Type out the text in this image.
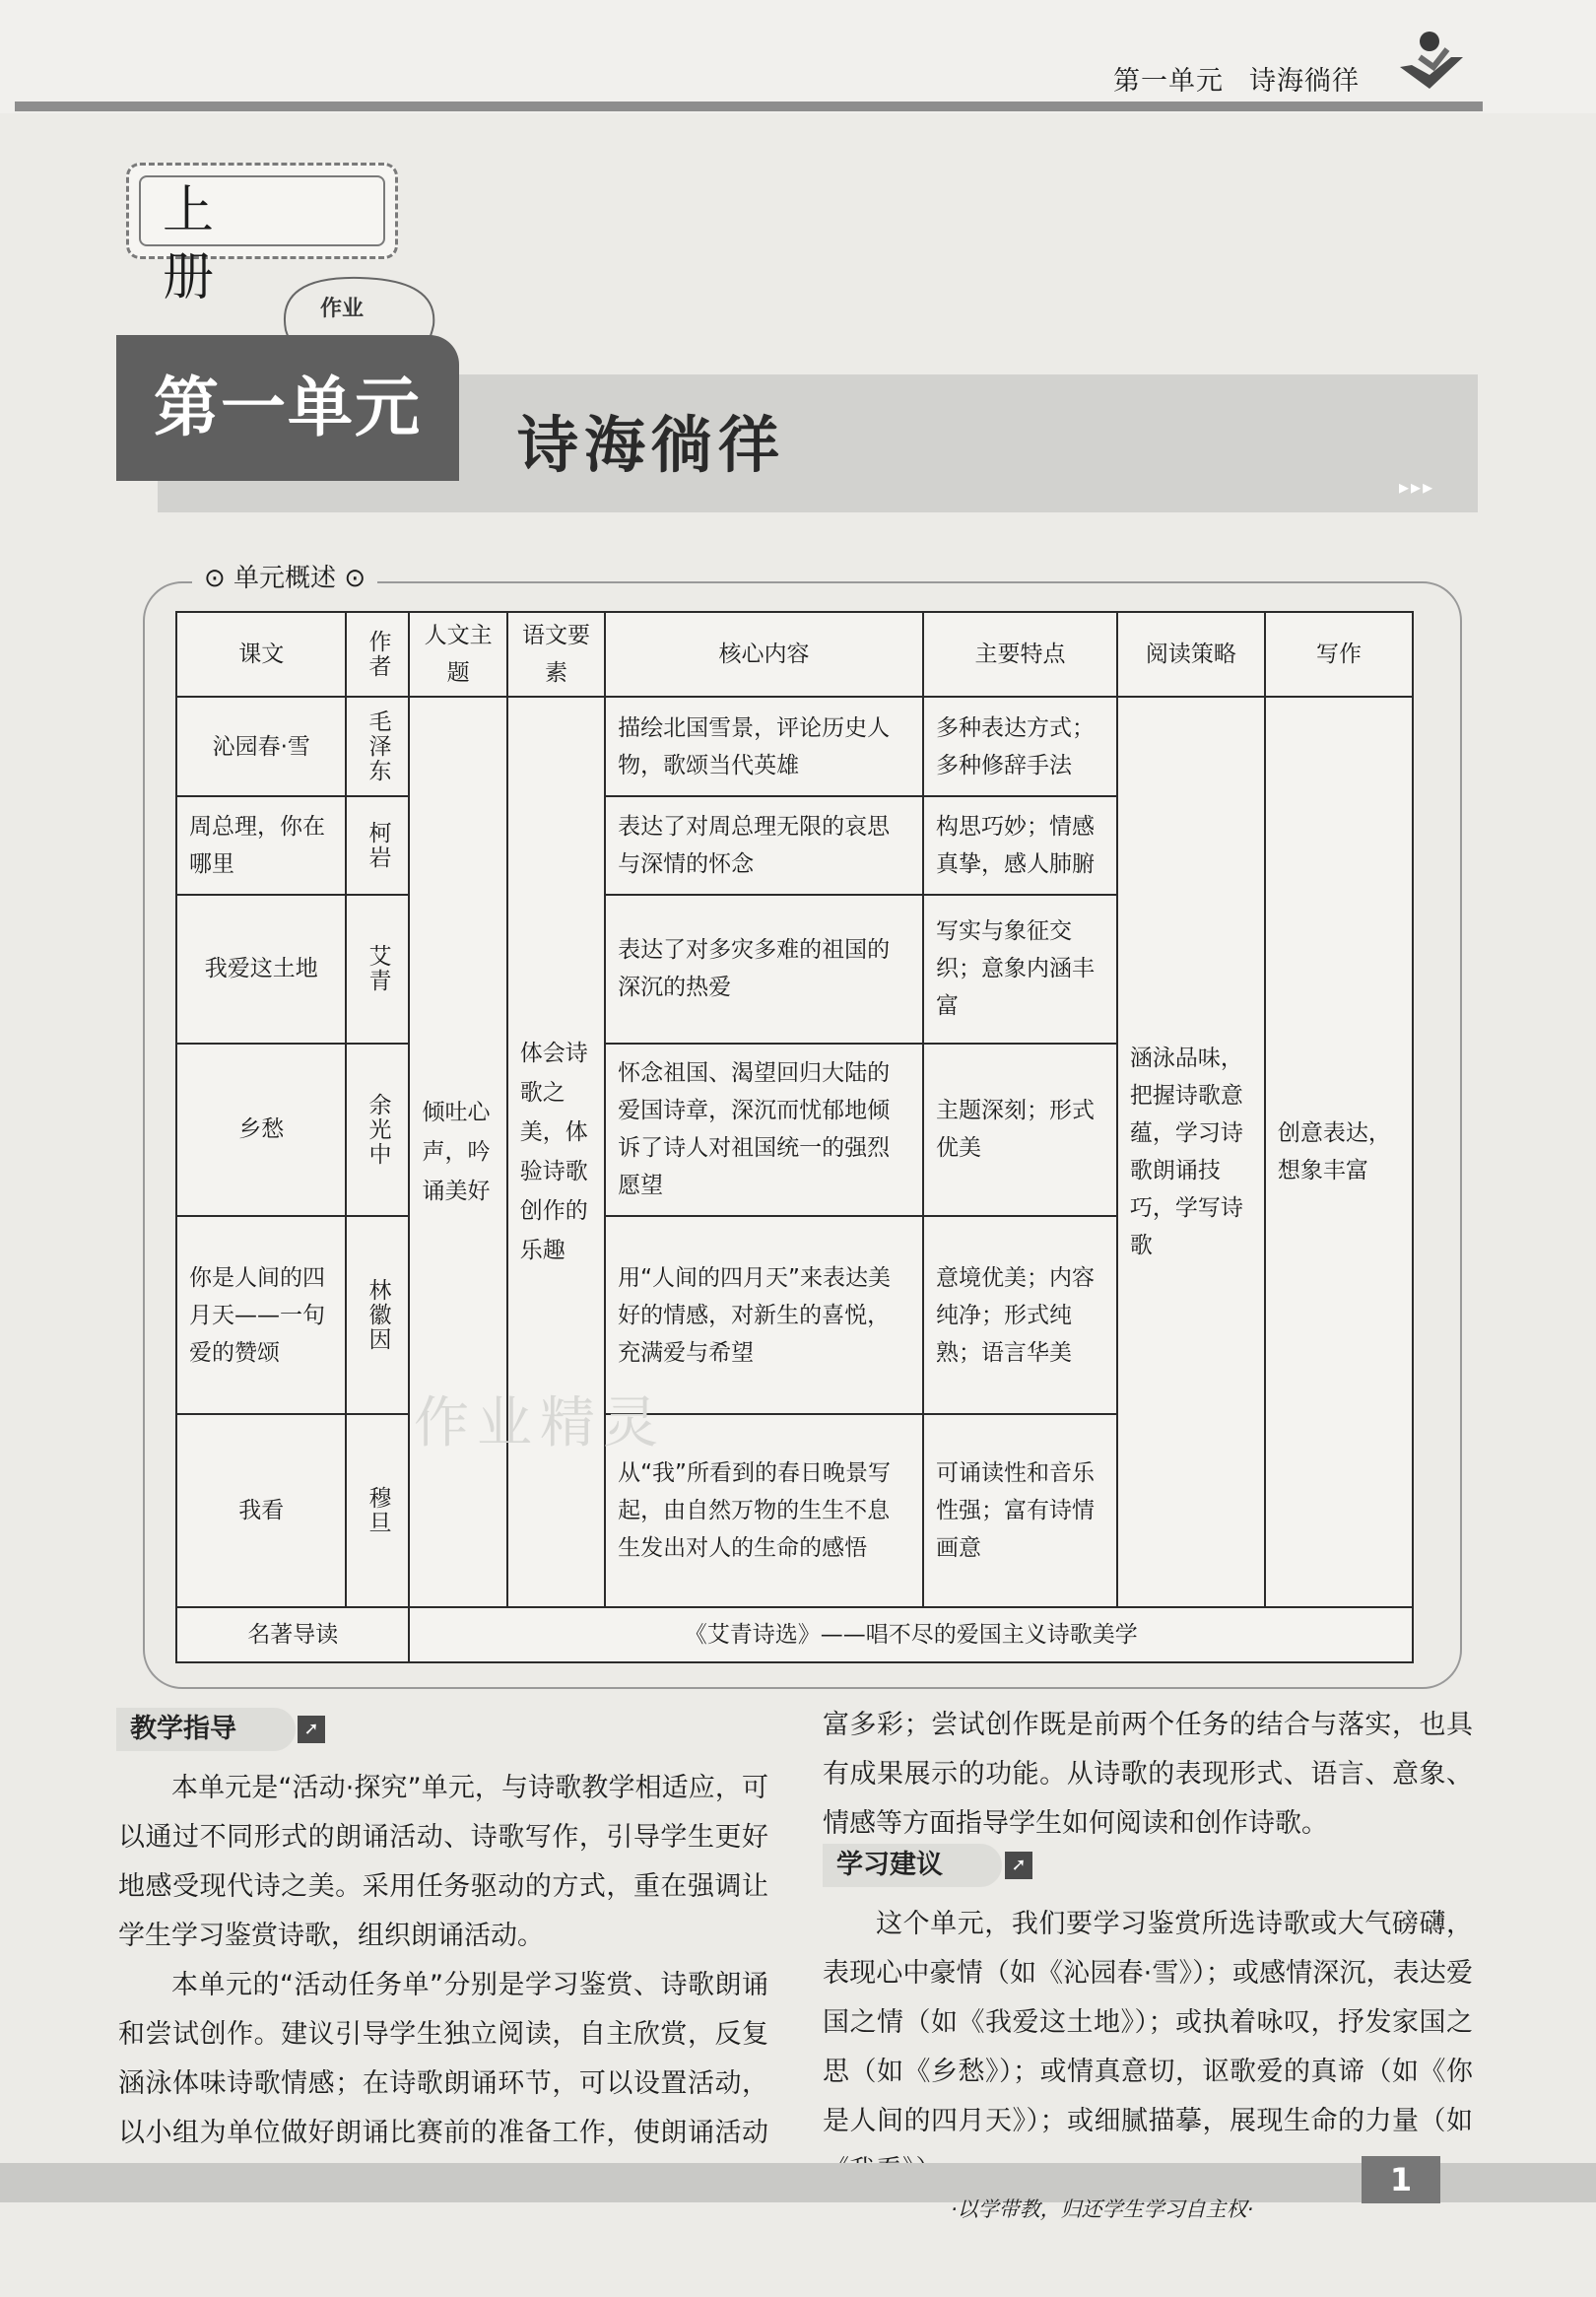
第一单元 诗海徜徉
上　册
作业
第一单元	诗海徜徉
▸▸▸
⊙ 单元概述 ⊙
课文	作者	人文主题	语文要素	核心内容	主要特点	阅读策略	写作
沁园春·雪	毛泽东	倾吐心声，吟诵美好	体会诗歌之美，体验诗歌创作的乐趣	描绘北国雪景，评论历史人物，歌颂当代英雄	多种表达方式；多种修辞手法	涵泳品味，把握诗歌意蕴，学习诗歌朗诵技巧，学写诗歌	创意表达，想象丰富
周总理，你在哪里	柯岩			表达了对周总理无限的哀思与深情的怀念	构思巧妙；情感真挚，感人肺腑		
我爱这土地	艾青			表达了对多灾多难的祖国的深沉的热爱	写实与象征交织；意象内涵丰富		
乡愁	余光中			怀念祖国、渴望回归大陆的爱国诗章，深沉而忧郁地倾诉了诗人对祖国统一的强烈愿望	主题深刻；形式优美		
你是人间的四月天——一句爱的赞颂	林徽因			用“人间的四月天”来表达美好的情感，对新生的喜悦，充满爱与希望	意境优美；内容纯净；形式纯熟；语言华美		
我看	穆旦			从“我”所看到的春日晚景写起，由自然万物的生生不息生发出对人的生命的感悟	可诵读性和音乐性强；富有诗情画意		
名著导读		《艾青诗选》——唱不尽的爱国主义诗歌美学					
作业精灵
教学指导	➚

本单元是“活动·探究”单元，与诗歌教学相适应，可以通过不同形式的朗诵活动、诗歌写作，引导学生更好地感受现代诗之美。采用任务驱动的方式，重在强调让学生学习鉴赏诗歌，组织朗诵活动。

本单元的“活动任务单”分别是学习鉴赏、诗歌朗诵和尝试创作。建议引导学生独立阅读，自主欣赏，反复涵泳体味诗歌情感；在诗歌朗诵环节，可以设置活动，以小组为单位做好朗诵比赛前的准备工作，使朗诵活动

富多彩；尝试创作既是前两个任务的结合与落实，也具有成果展示的功能。从诗歌的表现形式、语言、意象、情感等方面指导学生如何阅读和创作诗歌。

学习建议	➚

这个单元，我们要学习鉴赏所选诗歌或大气磅礴，表现心中豪情（如《沁园春·雪》）；或感情深沉，表达爱国之情（如《我爱这土地》）；或执着咏叹，抒发家国之思（如《乡愁》）；或情真意切，讴歌爱的真谛（如《你是人间的四月天》）；或细腻描摹，展现生命的力量（如

·以学带教，归还学生学习自主权·
1
